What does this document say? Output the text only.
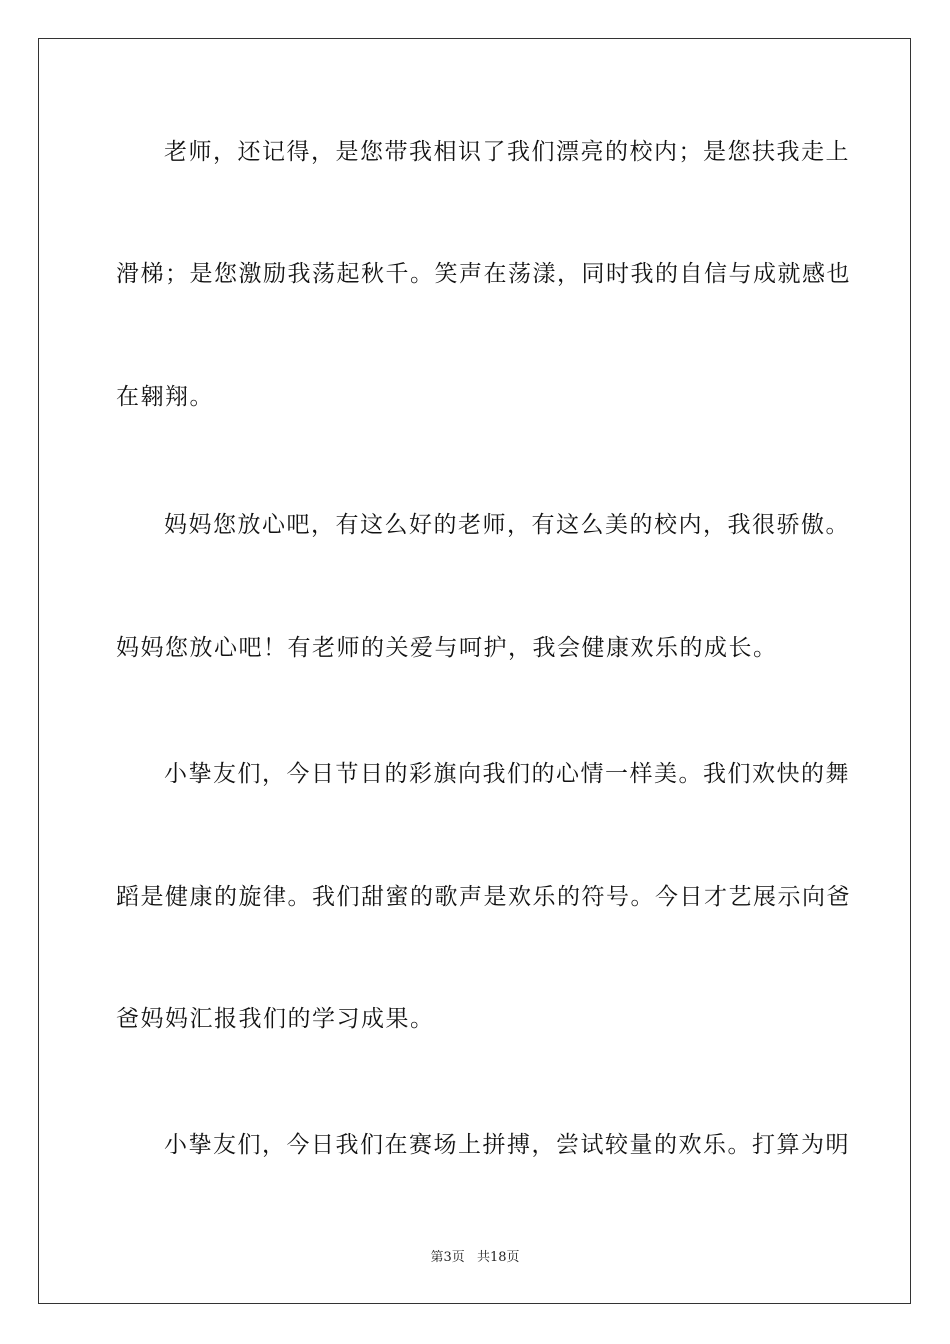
老师，还记得，是您带我相识了我们漂亮的校内；是您扶我走上
滑梯；是您激励我荡起秋千。笑声在荡漾，同时我的自信与成就感也
在翱翔。
妈妈您放心吧，有这么好的老师，有这么美的校内，我很骄傲。
妈妈您放心吧！有老师的关爱与呵护，我会健康欢乐的成长。
小挚友们，今日节日的彩旗向我们的心情一样美。我们欢快的舞
蹈是健康的旋律。我们甜蜜的歌声是欢乐的符号。今日才艺展示向爸
爸妈妈汇报我们的学习成果。
小挚友们，今日我们在赛场上拼搏，尝试较量的欢乐。打算为明
第3页 共18页
